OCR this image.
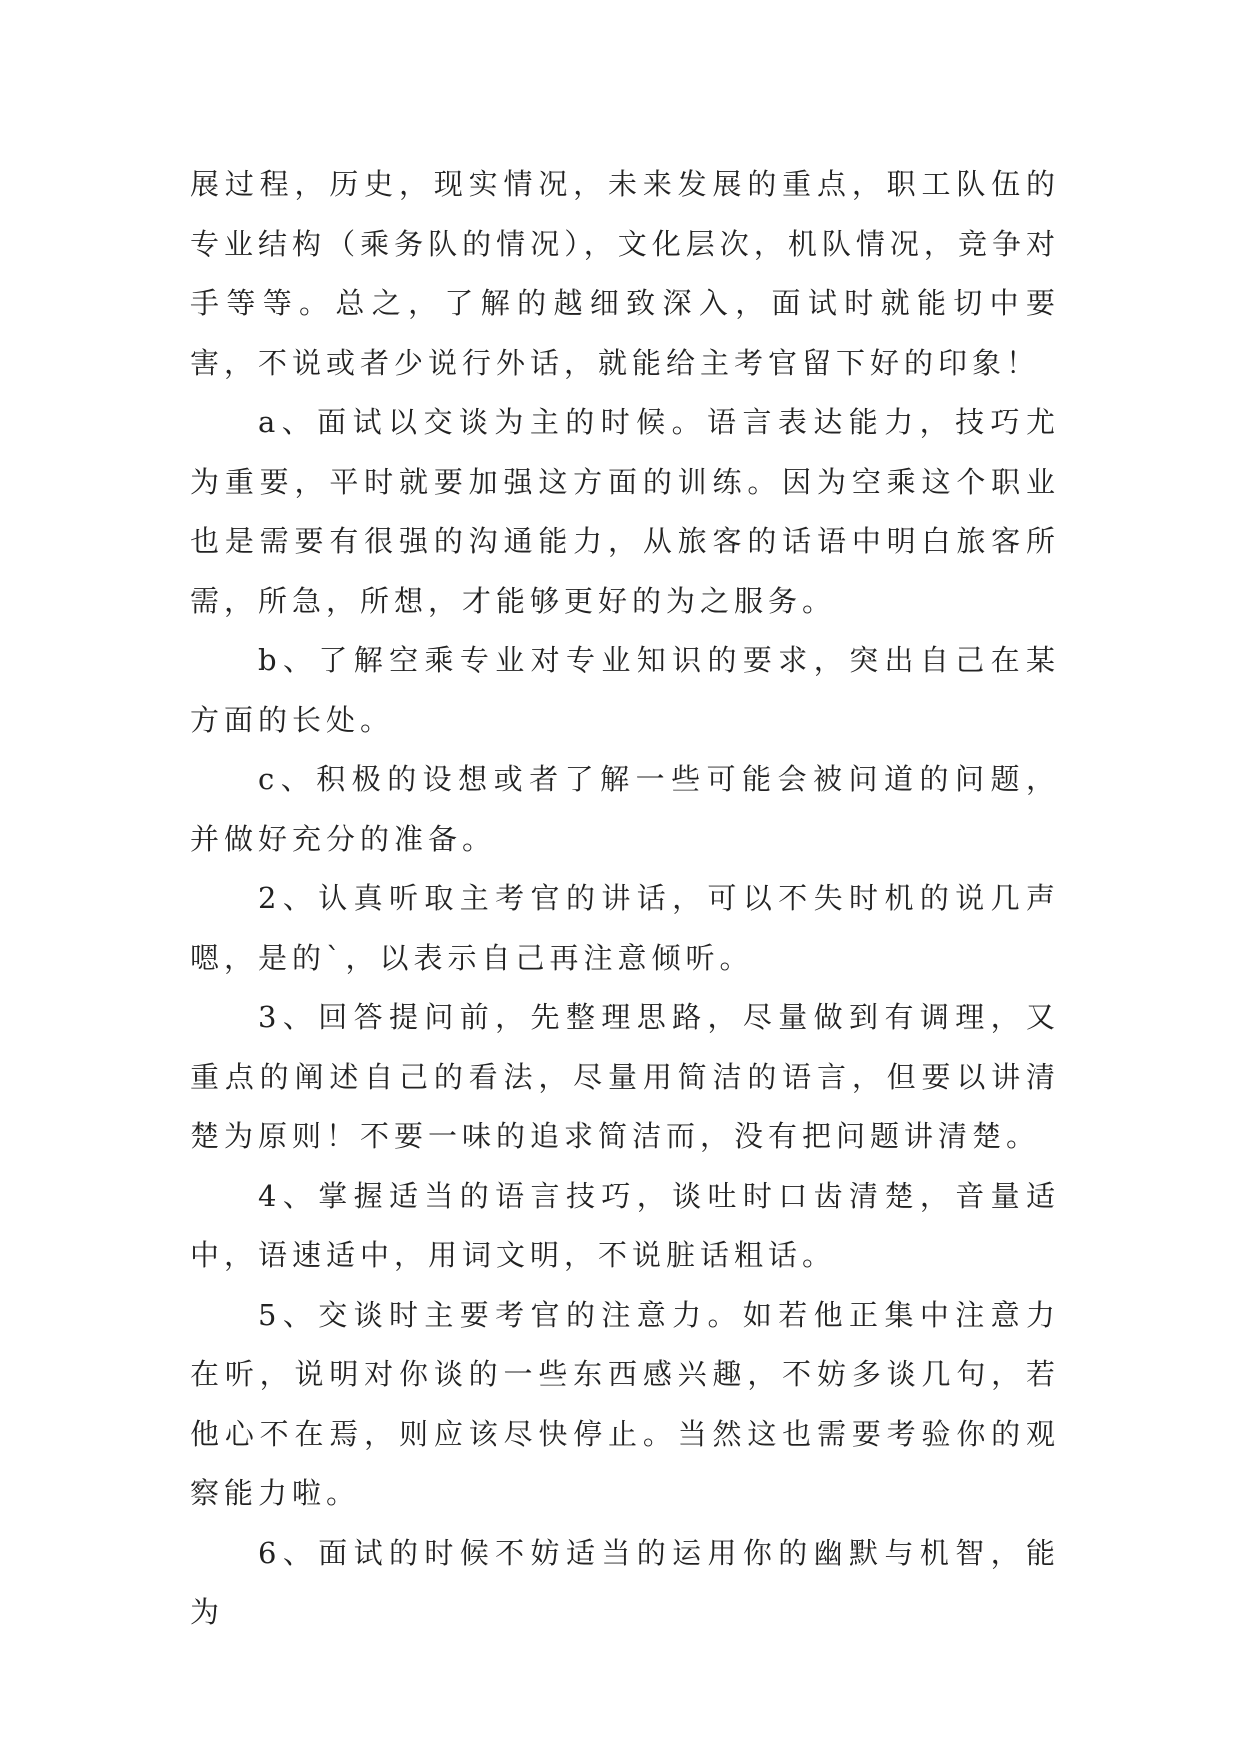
展过程，历史，现实情况，未来发展的重点，职工队伍的专业结构（乘务队的情况），文化层次，机队情况，竞争对手等等。总之，了解的越细致深入，面试时就能切中要害，不说或者少说行外话，就能给主考官留下好的印象！

a、面试以交谈为主的时候。语言表达能力，技巧尤为重要，平时就要加强这方面的训练。因为空乘这个职业也是需要有很强的沟通能力，从旅客的话语中明白旅客所需，所急，所想，才能够更好的为之服务。

b、了解空乘专业对专业知识的要求，突出自己在某方面的长处。

c、积极的设想或者了解一些可能会被问道的问题，并做好充分的准备。

2、认真听取主考官的讲话，可以不失时机的说几声嗯，是的`，以表示自己再注意倾听。

3、回答提问前，先整理思路，尽量做到有调理，又重点的阐述自己的看法，尽量用简洁的语言，但要以讲清楚为原则！不要一味的追求简洁而，没有把问题讲清楚。

4、掌握适当的语言技巧，谈吐时口齿清楚，音量适中，语速适中，用词文明，不说脏话粗话。

5、交谈时主要考官的注意力。如若他正集中注意力在听，说明对你谈的一些东西感兴趣，不妨多谈几句，若他心不在焉，则应该尽快停止。当然这也需要考验你的观察能力啦。

6、面试的时候不妨适当的运用你的幽默与机智，能为
